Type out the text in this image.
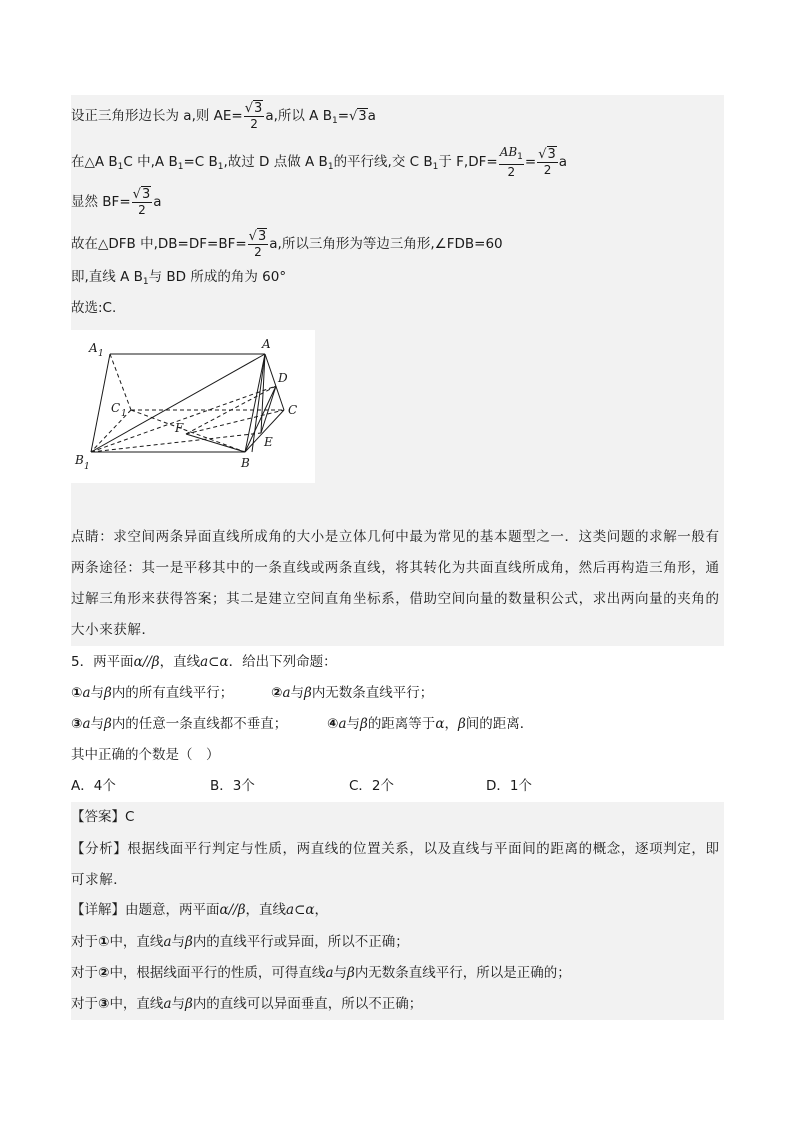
设正三角形边长为 a,则 $AE= \frac{√3}{2} a$,所以 A $B_1=√3a$
在△A $B_1C$ 中,A $B_1=C$ $B_1$,故过 D 点做 A $B_1$的平行线,交 C $B_1$于 $F,DF= \frac{AB_1}{2} = \frac{√3}{2}$ a
显然 $BF= \frac{√3}{2}$ a
故在△DFB 中$,DB=DF=BF= \frac{√3}{2} a$,所以三角形为等边三角形,∠FDB=60
即,直线 A $B_1$与 BD 所成的角为 60°
故选:C.
A 1
A
D
C 1	C
F
E
B 1	B
点睛：求空间两条异面直线所成角的大小是立体几何中最为常见的基本题型之一．这类问题的求解一般有两条途径：其一是平移其中的一条直线或两条直线，将其转化为共面直线所成角，然后再构造三角形，通过解三角形来获得答案；其二是建立空间直角坐标系，借助空间向量的数量积公式，求出两向量的夹角的大小来获解．
5．两平面α//β，直线a⊂α．给出下列命题：
①a与β内的所有直线平行；	②a与β内无数条直线平行；
③a与β内的任意一条直线都不垂直；	④a与β的距离等于α，β间的距离．
其中正确的个数是（　）
A．4个	B．3个	C．2个	D．1个
【答案】C
【分析】根据线面平行判定与性质，两直线的位置关系，以及直线与平面间的距离的概念，逐项判定，即可求解．
【详解】由题意，两平面α//β，直线a⊂α，
对于①中，直线a与β内的直线平行或异面，所以不正确；
对于②中，根据线面平行的性质，可得直线a与β内无数条直线平行，所以是正确的；
对于③中，直线a与β内的直线可以异面垂直，所以不正确；
